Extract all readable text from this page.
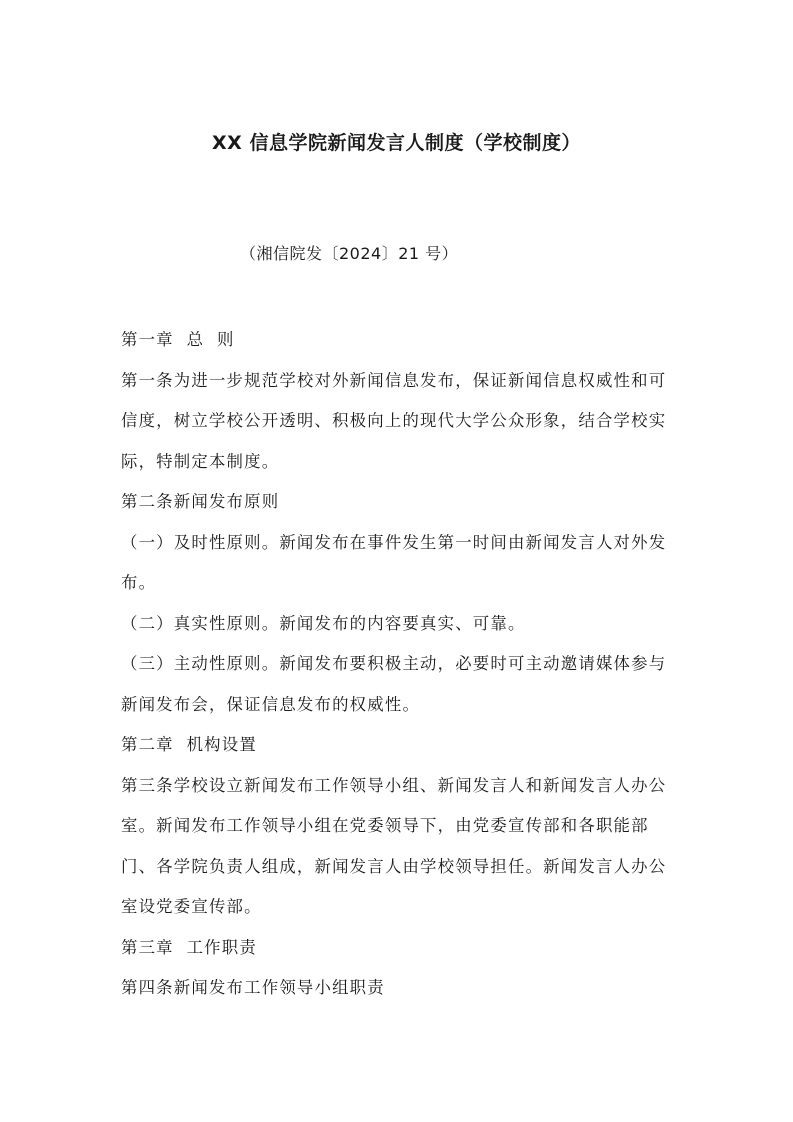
XX 信息学院新闻发言人制度（学校制度）

（湘信院发〔2024〕21 号）

第一章  总  则

第一条为进一步规范学校对外新闻信息发布，保证新闻信息权威性和可信度，树立学校公开透明、积极向上的现代大学公众形象，结合学校实际，特制定本制度。

第二条新闻发布原则

（一）及时性原则。新闻发布在事件发生第一时间由新闻发言人对外发布。

（二）真实性原则。新闻发布的内容要真实、可靠。

（三）主动性原则。新闻发布要积极主动，必要时可主动邀请媒体参与新闻发布会，保证信息发布的权威性。

第二章  机构设置

第三条学校设立新闻发布工作领导小组、新闻发言人和新闻发言人办公室。新闻发布工作领导小组在党委领导下，由党委宣传部和各职能部门、各学院负责人组成，新闻发言人由学校领导担任。新闻发言人办公室设党委宣传部。

第三章  工作职责

第四条新闻发布工作领导小组职责
